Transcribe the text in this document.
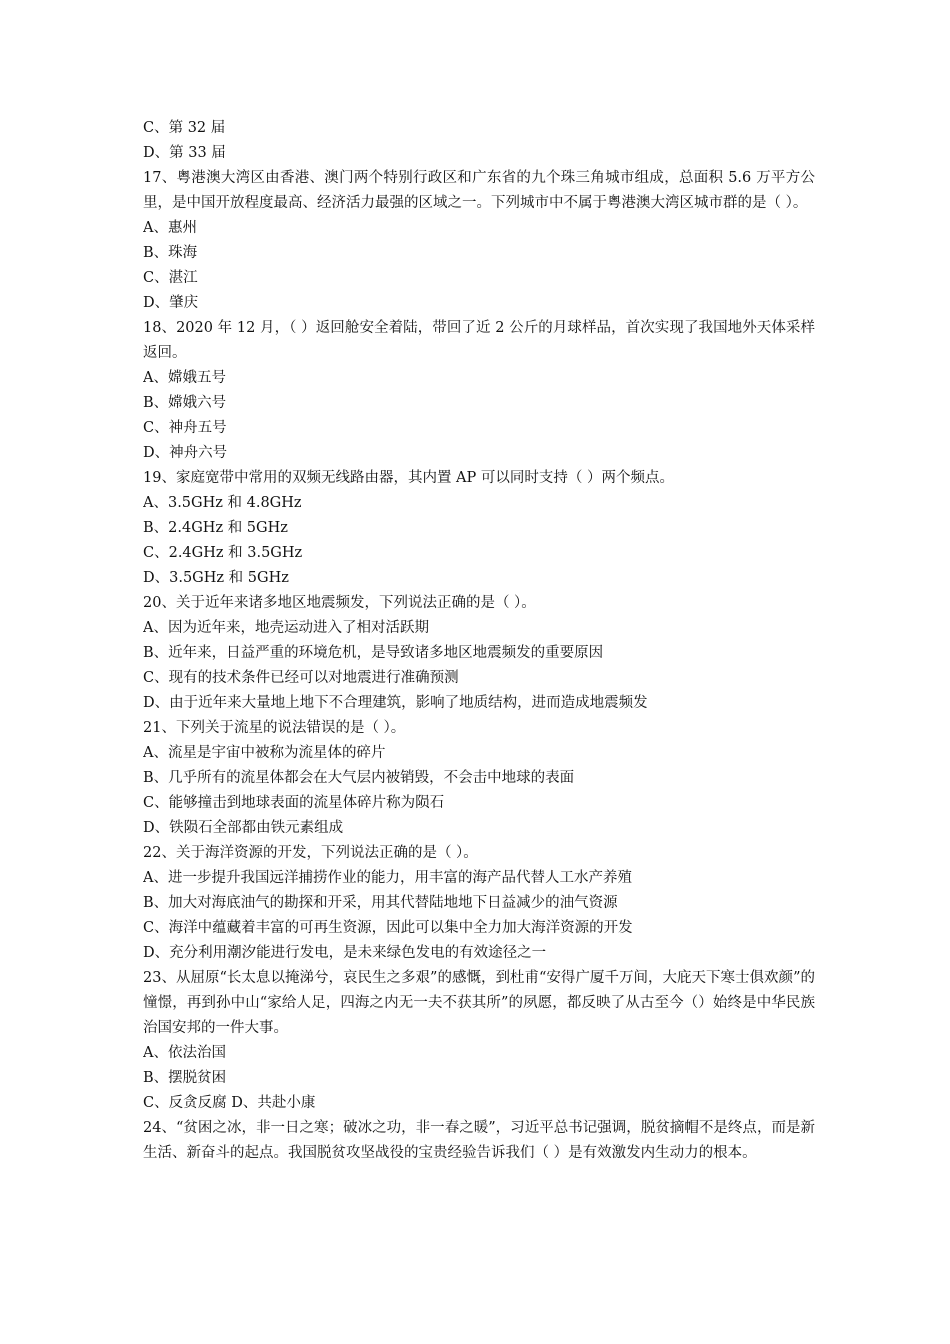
C、第 32 届
D、第 33 届
17、粤港澳大湾区由香港、澳门两个特别行政区和广东省的九个珠三角城市组成，总面积 5.6 万平方公里，是中国开放程度最高、经济活力最强的区域之一。下列城市中不属于粤港澳大湾区城市群的是（ ）。
A、惠州
B、珠海
C、湛江
D、肇庆
18、2020 年 12 月，（ ）返回舱安全着陆，带回了近 2 公斤的月球样品，首次实现了我国地外天体采样返回。
A、嫦娥五号
B、嫦娥六号
C、神舟五号
D、神舟六号
19、家庭宽带中常用的双频无线路由器，其内置 AP 可以同时支持（ ）两个频点。
A、3.5GHz 和 4.8GHz
B、2.4GHz 和 5GHz
C、2.4GHz 和 3.5GHz
D、3.5GHz 和 5GHz
20、关于近年来诸多地区地震频发，下列说法正确的是（ ）。
A、因为近年来，地壳运动进入了相对活跃期
B、近年来，日益严重的环境危机，是导致诸多地区地震频发的重要原因
C、现有的技术条件已经可以对地震进行准确预测
D、由于近年来大量地上地下不合理建筑，影响了地质结构，进而造成地震频发
21、下列关于流星的说法错误的是（ ）。
A、流星是宇宙中被称为流星体的碎片
B、几乎所有的流星体都会在大气层内被销毁，不会击中地球的表面
C、能够撞击到地球表面的流星体碎片称为陨石
D、铁陨石全部都由铁元素组成
22、关于海洋资源的开发，下列说法正确的是（ ）。
A、进一步提升我国远洋捕捞作业的能力，用丰富的海产品代替人工水产养殖
B、加大对海底油气的勘探和开采，用其代替陆地地下日益减少的油气资源
C、海洋中蕴藏着丰富的可再生资源，因此可以集中全力加大海洋资源的开发
D、充分利用潮汐能进行发电，是未来绿色发电的有效途径之一
23、从屈原“长太息以掩涕兮，哀民生之多艰”的感慨，到杜甫“安得广厦千万间，大庇天下寒士俱欢颜”的憧憬，再到孙中山“家给人足，四海之内无一夫不获其所”的夙愿，都反映了从古至今（）始终是中华民族治国安邦的一件大事。
A、依法治国
B、摆脱贫困
C、反贪反腐 D、共赴小康
24、“贫困之冰，非一日之寒；破冰之功，非一春之暖”，习近平总书记强调，脱贫摘帽不是终点，而是新生活、新奋斗的起点。我国脱贫攻坚战役的宝贵经验告诉我们（ ）是有效激发内生动力的根本。
